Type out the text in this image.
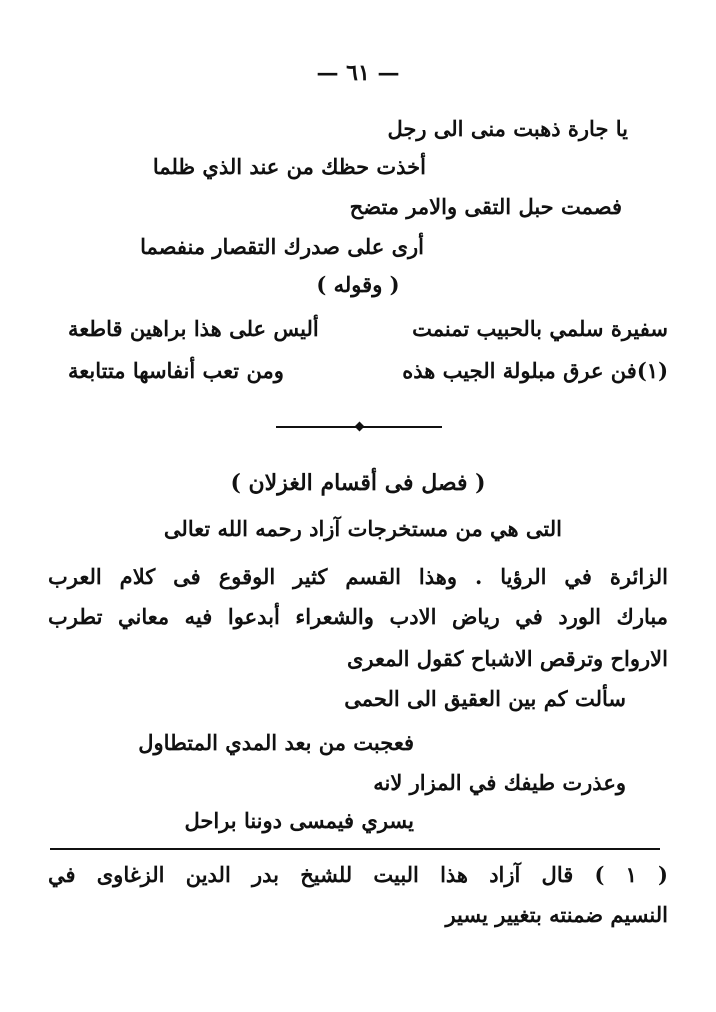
— ٦١ —
يا جارة ذهبت منى الى رجل
أخذت حظك من عند الذي ظلما
فصمت حبل التقى والامر متضح
أرى على صدرك التقصار منفصما
( وقوله )
سفيرة سلمي بالحبيب تمنمت
أليس على هذا براهين قاطعة
(١)فن عرق مبلولة الجيب هذه
ومن تعب أنفاسها متتابعة
( فصل فى أقسام الغزلان )
التى هي من مستخرجات آزاد رحمه الله تعالى
الزائرة في الرؤيا . وهذا القسم كثير الوقوع فى كلام العرب
مبارك الورد في رياض الادب والشعراء أبدعوا فيه معاني تطرب
الارواح وترقص الاشباح كقول المعرى
سألت كم بين العقيق الى الحمى
فعجبت من بعد المدي المتطاول
وعذرت طيفك في المزار لانه
يسري فيمسى دوننا براحل
( ١ ) قال آزاد هذا البيت للشيخ بدر الدين الزغاوى في
النسيم ضمنته بتغيير يسير
